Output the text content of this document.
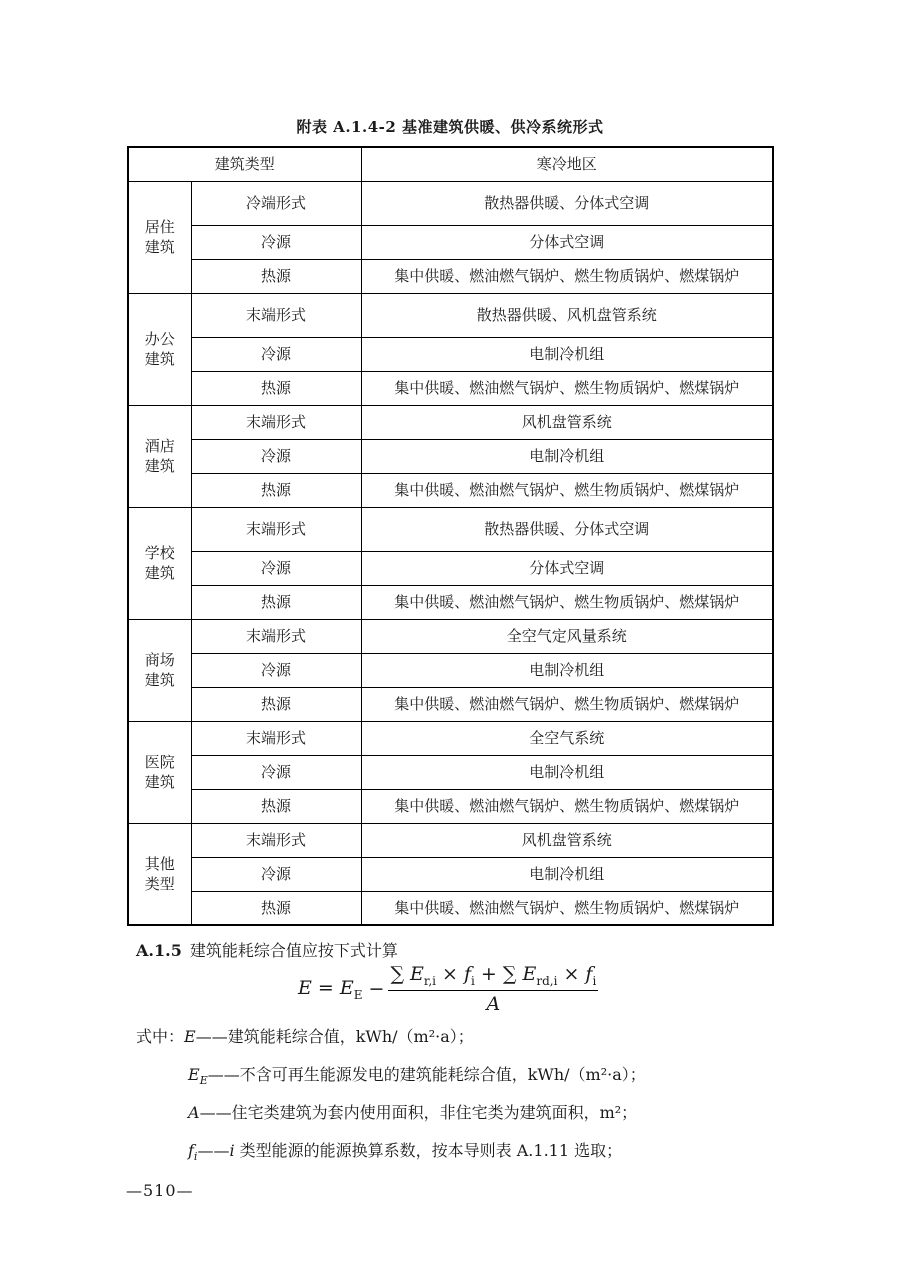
附表 A.1.4-2 基准建筑供暖、供冷系统形式
建筑类型		寒冷地区
居住
建筑	冷端形式	散热器供暖、分体式空调
	冷源	分体式空调
	热源	集中供暖、燃油燃气锅炉、燃生物质锅炉、燃煤锅炉
办公
建筑	末端形式	散热器供暖、风机盘管系统
	冷源	电制冷机组
	热源	集中供暖、燃油燃气锅炉、燃生物质锅炉、燃煤锅炉
酒店
建筑	末端形式	风机盘管系统
	冷源	电制冷机组
	热源	集中供暖、燃油燃气锅炉、燃生物质锅炉、燃煤锅炉
学校
建筑	末端形式	散热器供暖、分体式空调
	冷源	分体式空调
	热源	集中供暖、燃油燃气锅炉、燃生物质锅炉、燃煤锅炉
商场
建筑	末端形式	全空气定风量系统
	冷源	电制冷机组
	热源	集中供暖、燃油燃气锅炉、燃生物质锅炉、燃煤锅炉
医院
建筑	末端形式	全空气系统
	冷源	电制冷机组
	热源	集中供暖、燃油燃气锅炉、燃生物质锅炉、燃煤锅炉
其他
类型	末端形式	风机盘管系统
	冷源	电制冷机组
	热源	集中供暖、燃油燃气锅炉、燃生物质锅炉、燃煤锅炉
A.1.5 建筑能耗综合值应按下式计算
$E = E_E - \frac{\sum E_{r,i} \times f_i + \sum E_{rd,i} \times f_i}{A}$
式中：E——建筑能耗综合值，kWh/（m²·a）；
$E_E——$不含可再生能源发电的建筑能耗综合值，kWh/（m²·a）；
A——住宅类建筑为套内使用面积，非住宅类为建筑面积，m²；
$f_i——i$ 类型能源的能源换算系数，按本导则表 A.1.11 选取；
—510—
